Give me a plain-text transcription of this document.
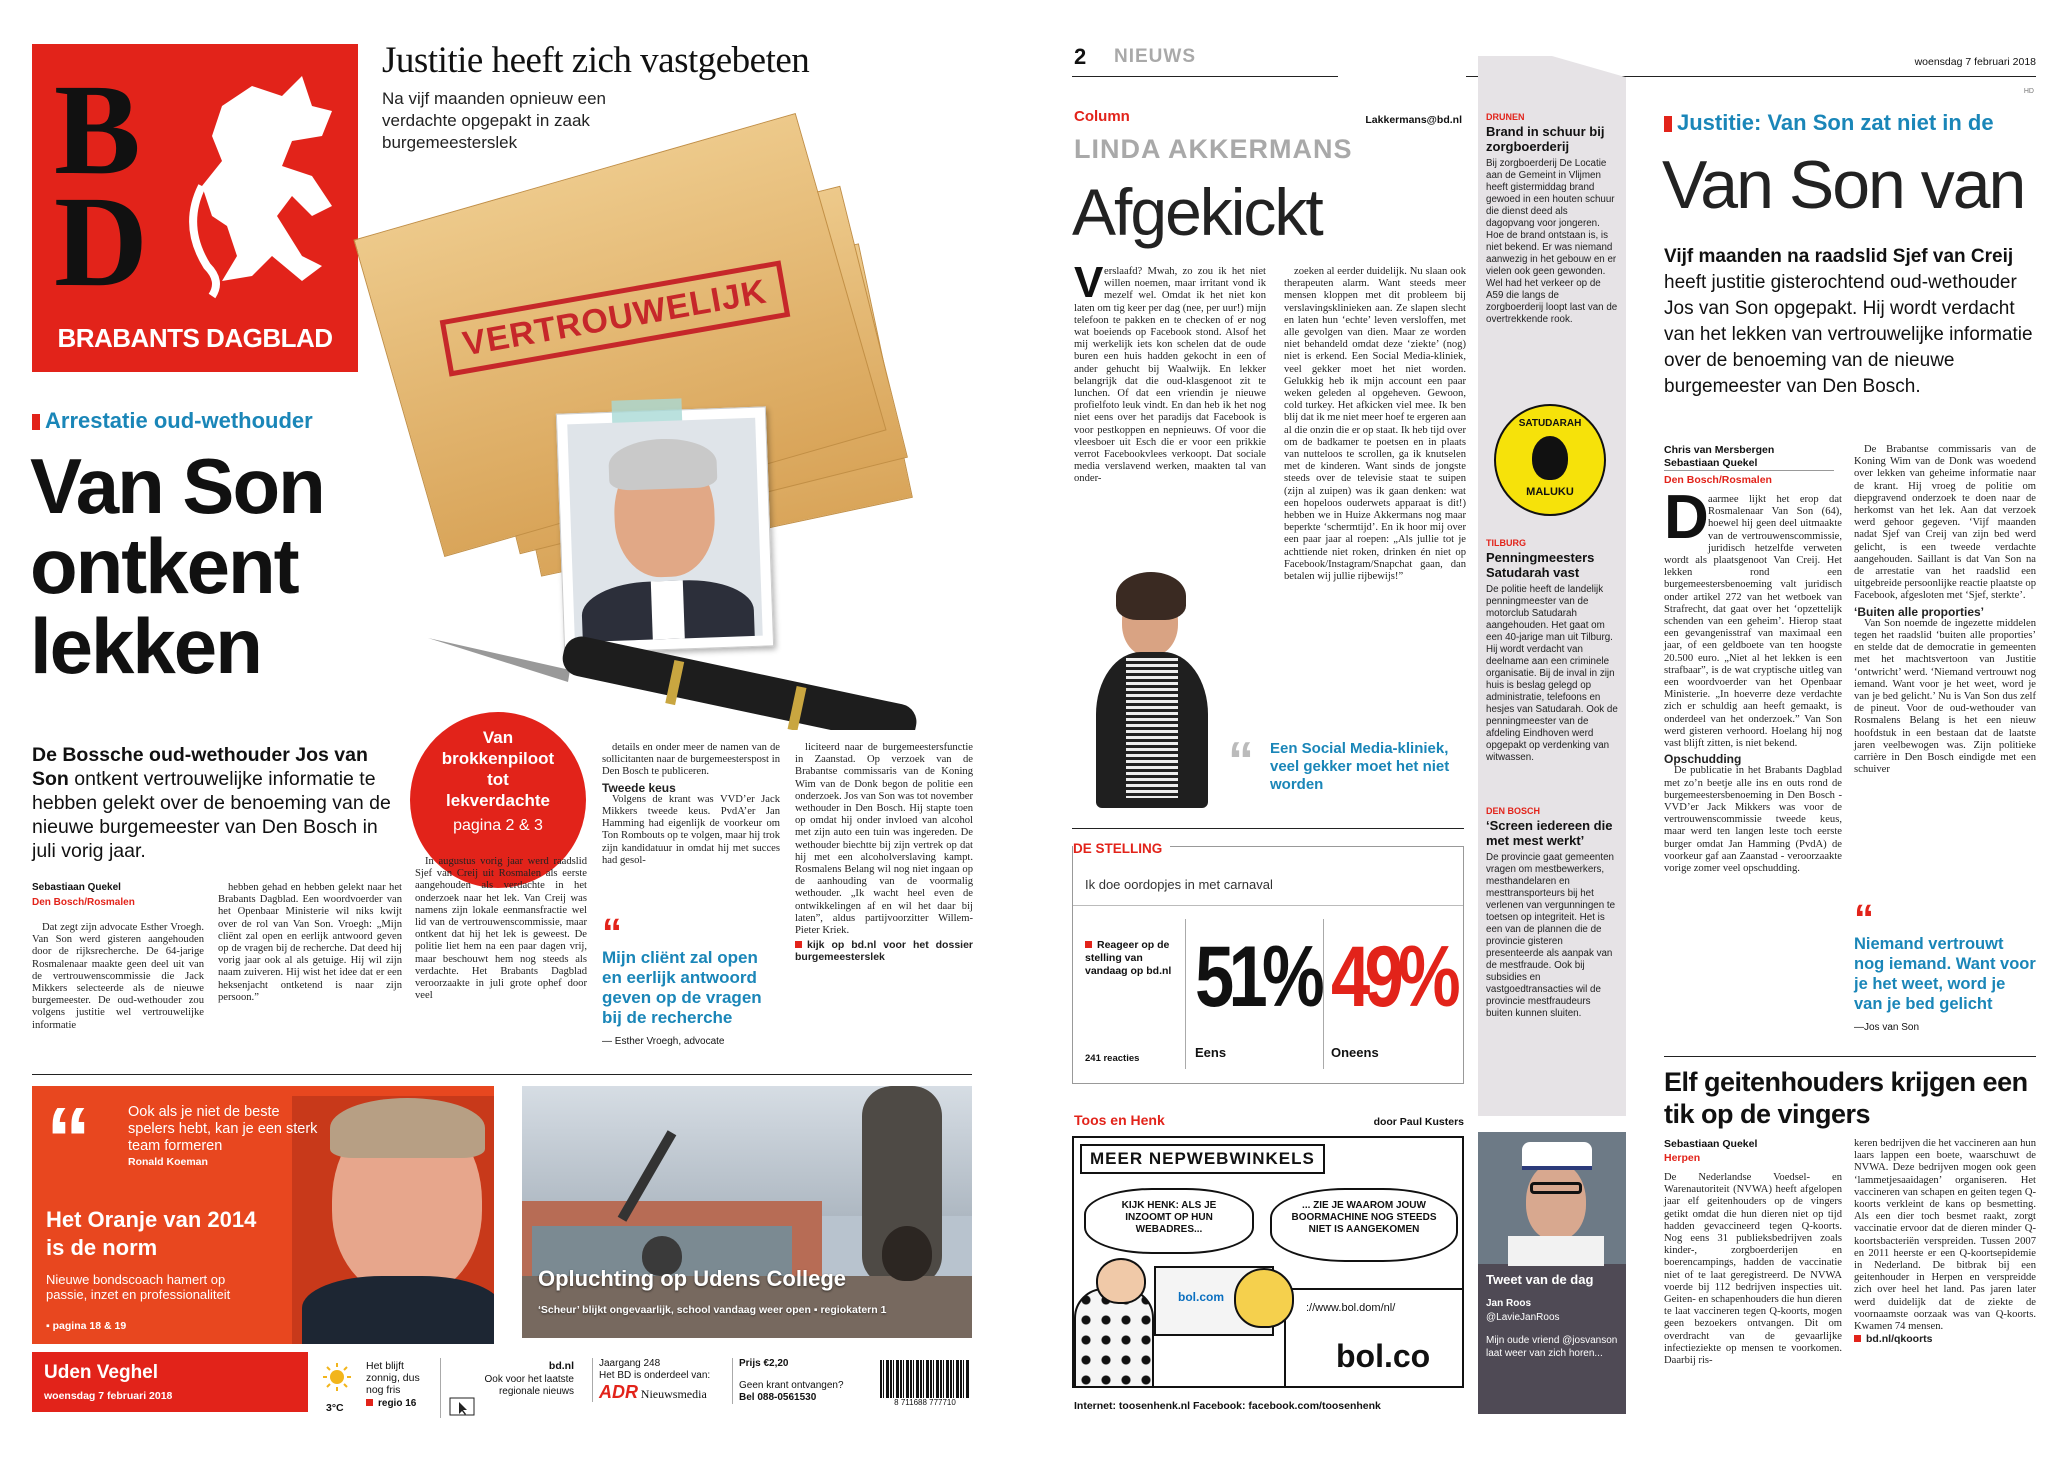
BD
BRABANTS DAGBLAD
Justitie heeft zich vastgebeten
Na vijf maanden opnieuw een verdachte opgepakt in zaak burgemeesterslek
VERTROUWELIJK
Arrestatie oud-wethouder
Van Son
ontkent
lekken
De Bossche oud-wethouder Jos van Son ontkent vertrouwelijke informatie te hebben gelekt over de benoeming van de nieuwe burgemeester van Den Bosch in juli vorig jaar.
Sebastiaan Quekel
Den Bosch/Rosmalen
Van brokkenpiloot tot lekverdachte
pagina 2 & 3

Dat zegt zijn advocate Esther Vroegh. Van Son werd gisteren aangehouden door de rijksrecherche. De 64-jarige Rosmalenaar maakte geen deel uit van de vertrouwenscommissie die Jack Mikkers selecteerde als de nieuwe burgemeester. De oud-wethouder zou volgens justitie wel vertrouwelijke informatie

hebben gehad en hebben gelekt naar het Brabants Dagblad. Een woordvoerder van het Openbaar Ministerie wil niks kwijt over de rol van Van Son. Vroegh: „Mijn cliënt zal open en eerlijk antwoord geven op de vragen bij de recherche. Dat deed hij vorig jaar ook al als getuige. Hij wil zijn naam zuiveren. Hij wist het idee dat er een heksenjacht ontketend is naar zijn persoon.”

In augustus vorig jaar werd raadslid Sjef van Creij uit Rosmalen als eerste aangehouden als verdachte in het onderzoek naar het lek. Van Creij was namens zijn lokale eenmansfractie wel lid van de vertrouwenscommissie, maar ontkent dat hij het lek is geweest. De politie liet hem na een paar dagen vrij, maar beschouwt hem nog steeds als verdachte. Het Brabants Dagblad veroorzaakte in juli grote ophef door veel

details en onder meer de namen van de sollicitanten naar de burgemeesterspost in Den Bosch te publiceren.

Tweede keus

Volgens de krant was VVD’er Jack Mikkers tweede keus. PvdA’er Jan Hamming had eigenlijk de voorkeur om Ton Rombouts op te volgen, maar hij trok zijn kandidatuur in omdat hij met succes had gesol-

liciteerd naar de burgemeestersfunctie in Zaanstad. Op verzoek van de Brabantse commissaris van de Koning Wim van de Donk begon de politie een onderzoek. Jos van Son was tot november wethouder in Den Bosch. Hij stapte toen op omdat hij onder invloed van alcohol met zijn auto een tuin was ingereden. De wethouder biechtte bij zijn vertrek op dat hij met een alcoholverslaving kampt. Rosmalens Belang wil nog niet ingaan op de aanhouding van de voormalig wethouder. „Ik wacht heel even de ontwikkelingen af en wil het daar bij laten”, aldus partijvoorzitter Willem-Pieter Kriek.

kijk op bd.nl voor het dossier burgemeesterslek
“
Mijn cliënt zal open en eerlijk antwoord geven op de vragen bij de recherche
— Esther Vroegh, advocate
“	Ook als je niet de beste spelers hebt, kan je een sterk team formeren
Ronald Koeman
Het Oranje van 2014 is de norm
Nieuwe bondscoach hamert op passie, inzet en professionaliteit
▪ pagina 18 & 19
Opluchting op Udens College
‘Scheur’ blijkt ongevaarlijk, school vandaag weer open ▪ regiokatern 1
Uden Veghel
woensdag 7 februari 2018
3°C
Het blijft zonnig, dus nog fris
regio 16
bd.nl
Ook voor het laatste regionale nieuws
Jaargang 248
Het BD is onderdeel van:
ADR Nieuwsmedia
Prijs €2,20
Geen krant ontvangen?
Bel 088-0561530	8 711688 777710
2 NIEUWS	woensdag 7 februari 2018
HD
Column	Lakkermans@bd.nl
LINDA AKKERMANS
Afgekickt
V erslaafd? Mwah, zo zou ik het niet willen noemen, maar irritant vond ik mezelf wel. Omdat ik het niet kon laten om tig keer per dag (nee, per uur!) mijn telefoon te pakken en te checken of er nog wat boeiends op Facebook stond. Alsof het mij werkelijk iets kon schelen dat de oude buren een huis hadden gekocht in een of ander gehucht bij Waalwijk. En lekker belangrijk dat die oud-klasgenoot zit te lunchen. Of dat een vriendin je nieuwe profielfoto leuk vindt. En dan heb ik het nog niet eens over het paradijs dat Facebook is voor pestkoppen en nepnieuws. Of voor die vleesboer uit Esch die er voor een prikkie verrot Facebookvlees verkoopt. Dat sociale media verslavend werken, maakten tal van onder-

zoeken al eerder duidelijk. Nu slaan ook therapeuten alarm. Want steeds meer mensen kloppen met dit probleem bij verslavingsklinieken aan. Ze slapen slecht en laten hun ‘echte’ leven versloffen, met alle gevolgen van dien. Maar ze worden niet behandeld omdat deze ‘ziekte’ (nog) niet is erkend. Een Social Media-kliniek, veel gekker moet het niet worden. Gelukkig heb ik mijn account een paar weken geleden al opgeheven. Gewoon, cold turkey. Het afkicken viel mee. Ik ben blij dat ik me niet meer hoef te ergeren aan al die onzin die er op staat. Ik heb tijd over om de badkamer te poetsen en in plaats van nutteloos te scrollen, ga ik knutselen met de kinderen. Want sinds de jongste steeds over de televisie staat te suipen (zijn al zuipen) was ik gaan denken: wat een hopeloos ouderwets apparaat is dit!) hebben we in Huize Akkermans nog maar beperkte ‘schermtijd’. En ik hoor mij over een paar jaar al roepen: „Als jullie tot je achttiende niet roken, drinken én niet op Facebook/Instagram/Snapchat gaan, dan betalen wij jullie rijbewijs!”

“ Een Social Media-kliniek, veel gekker moet het niet worden
DE STELLING
Ik doe oordopjes in met carnaval
Reageer op de stelling van vandaag op bd.nl
241 reacties
51%
Eens
49%
Oneens
Toos en Henk	door Paul Kusters
MEER NEPWEBWINKELS
KIJK HENK: ALS JE INZOOMT OP HUN WEBADRES...
... ZIE JE WAAROM JOUW BOORMACHINE NOG STEEDS NIET IS AANGEKOMEN
bol.com
://www.bol.dom/nl/
bol.co
Internet: toosenhenk.nl Facebook: facebook.com/toosenhenk
DRUNEN
Brand in schuur bij zorgboerderij
Bij zorgboerderij De Locatie aan de Gemeint in Vlijmen heeft gistermiddag brand gewoed in een houten schuur die dienst deed als dagopvang voor jongeren. Hoe de brand ontstaan is, is niet bekend. Er was niemand aanwezig in het gebouw en er vielen ook geen gewonden. Wel had het verkeer op de A59 die langs de zorgboerderij loopt last van de overtrekkende rook.
SATUDARAH
MALUKU
TILBURG
Penningmeesters Satudarah vast
De politie heeft de landelijk penningmeester van de motorclub Satudarah aangehouden. Het gaat om een 40-jarige man uit Tilburg. Hij wordt verdacht van deelname aan een criminele organisatie. Bij de inval in zijn huis is beslag gelegd op administratie, telefoons en hesjes van Satudarah. Ook de penningmeester van de afdeling Eindhoven werd opgepakt op verdenking van witwassen.
DEN BOSCH
‘Screen iedereen die met mest werkt’
De provincie gaat gemeenten vragen om mestbewerkers, mesthandelaren en mesttransporteurs bij het verlenen van vergunningen te toetsen op integriteit. Het is een van de plannen die de provincie gisteren presenteerde als aanpak van de mestfraude. Ook bij subsidies en vastgoedtransacties wil de provincie mestfraudeurs buiten kunnen sluiten.
Tweet van de dag
Jan Roos
@LavieJanRoos
Mijn oude vriend @josvanson laat weer van zich horen...
Justitie: Van Son zat niet in de
Van Son van
Vijf maanden na raadslid Sjef van Creij heeft justitie gisterochtend oud-wethouder Jos van Son opgepakt. Hij wordt verdacht van het lekken van vertrouwelijke informatie over de benoeming van de nieuwe burgemeester van Den Bosch.
Chris van Mersbergen
Sebastiaan Quekel
Den Bosch/Rosmalen
D aarmee lijkt het erop dat Rosmalenaar Van Son (64), hoewel hij geen deel uitmaakte van de vertrouwenscommissie, juridisch hetzelfde verweten wordt als plaatsgenoot Van Creij. Het lekken rond een burgemeestersbenoeming valt juridisch onder artikel 272 van het wetboek van Strafrecht, dat gaat over het ‘opzettelijk schenden van een geheim’. Hierop staat een gevangenisstraf van maximaal een jaar, of een geldboete van ten hoogste 20.500 euro. „Niet al het lekken is een strafbaar”, is de wat cryptische uitleg van een woordvoerder van het Openbaar Ministerie. „In hoeverre deze verdachte zich er schuldig aan heeft gemaakt, is onderdeel van het onderzoek.” Van Son werd gisteren verhoord. Hoelang hij nog vast blijft zitten, is niet bekend.
Opschudding

De publicatie in het Brabants Dagblad met zo’n beetje alle ins en outs rond de burgemeestersbenoeming in Den Bosch - VVD’er Jack Mikkers was voor de vertrouwenscommissie tweede keus, maar werd ten langen leste toch eerste burger omdat Jan Hamming (PvdA) de voorkeur gaf aan Zaanstad - veroorzaakte vorige zomer veel opschudding.

De Brabantse commissaris van de Koning Wim van de Donk was woedend over lekken van geheime informatie naar de krant. Hij vroeg de politie om diepgravend onderzoek te doen naar de herkomst van het lek. Aan dat verzoek werd gehoor gegeven. ‘Vijf maanden nadat Sjef van Creij van zijn bed werd gelicht, is een tweede verdachte aangehouden. Saillant is dat Van Son na de arrestatie van het raadslid een uitgebreide persoonlijke reactie plaatste op Facebook, afgesloten met ‘Sjef, sterkte’.

‘Buiten alle proporties’

Van Son noemde de ingezette middelen tegen het raadslid ‘buiten alle proporties’ en stelde dat de democratie in gemeenten met het machtsvertoon van Justitie ‘ontwricht’ werd. ‘Niemand vertrouwt nog iemand. Want voor je het weet, word je van je bed gelicht.’ Nu is Van Son dus zelf de pineut. Voor de oud-wethouder van Rosmalens Belang is het een nieuw hoofdstuk in een bestaan dat de laatste jaren veelbewogen was. Zijn politieke carrière in Den Bosch eindigde met een schuiver

“
Niemand vertrouwt nog iemand. Want voor je het weet, word je van je bed gelicht
—Jos van Son
Elf geitenhouders krijgen een tik op de vingers
Sebastiaan Quekel
Herpen

De Nederlandse Voedsel- en Warenautoriteit (NVWA) heeft afgelopen jaar elf geitenhouders op de vingers getikt omdat die hun dieren niet op tijd hadden gevaccineerd tegen Q-koorts. Nog eens 31 publieksbedrijven zoals kinder-, zorgboerderijen en boerencampings, hadden de vaccinatie niet of te laat geregistreerd. De NVWA voerde bij 112 bedrijven inspecties uit. Geiten- en schapenhouders die hun dieren te laat vaccineren tegen Q-koorts, mogen geen bezoekers ontvangen. Dit om overdracht van de gevaarlijke infectieziekte op mensen te voorkomen. Daarbij ris-

keren bedrijven die het vaccineren aan hun laars lappen een boete, waarschuwt de NVWA. Deze bedrijven mogen ook geen ‘lammetjesaaidagen’ organiseren. Het vaccineren van schapen en geiten tegen Q-koorts verkleint de kans op besmetting. Als een dier toch besmet raakt, zorgt vaccinatie ervoor dat de dieren minder Q-koortsbacteriën verspreiden. Tussen 2007 en 2011 heerste er een Q-koortsepidemie in Nederland. De bitbrak bij een geitenhouder in Herpen en verspreidde zich over heel het land. Pas jaren later werd duidelijk dat de ziekte de voornaamste oorzaak was van Q-koorts. Kwamen 74 mensen.

bd.nl/qkoorts
